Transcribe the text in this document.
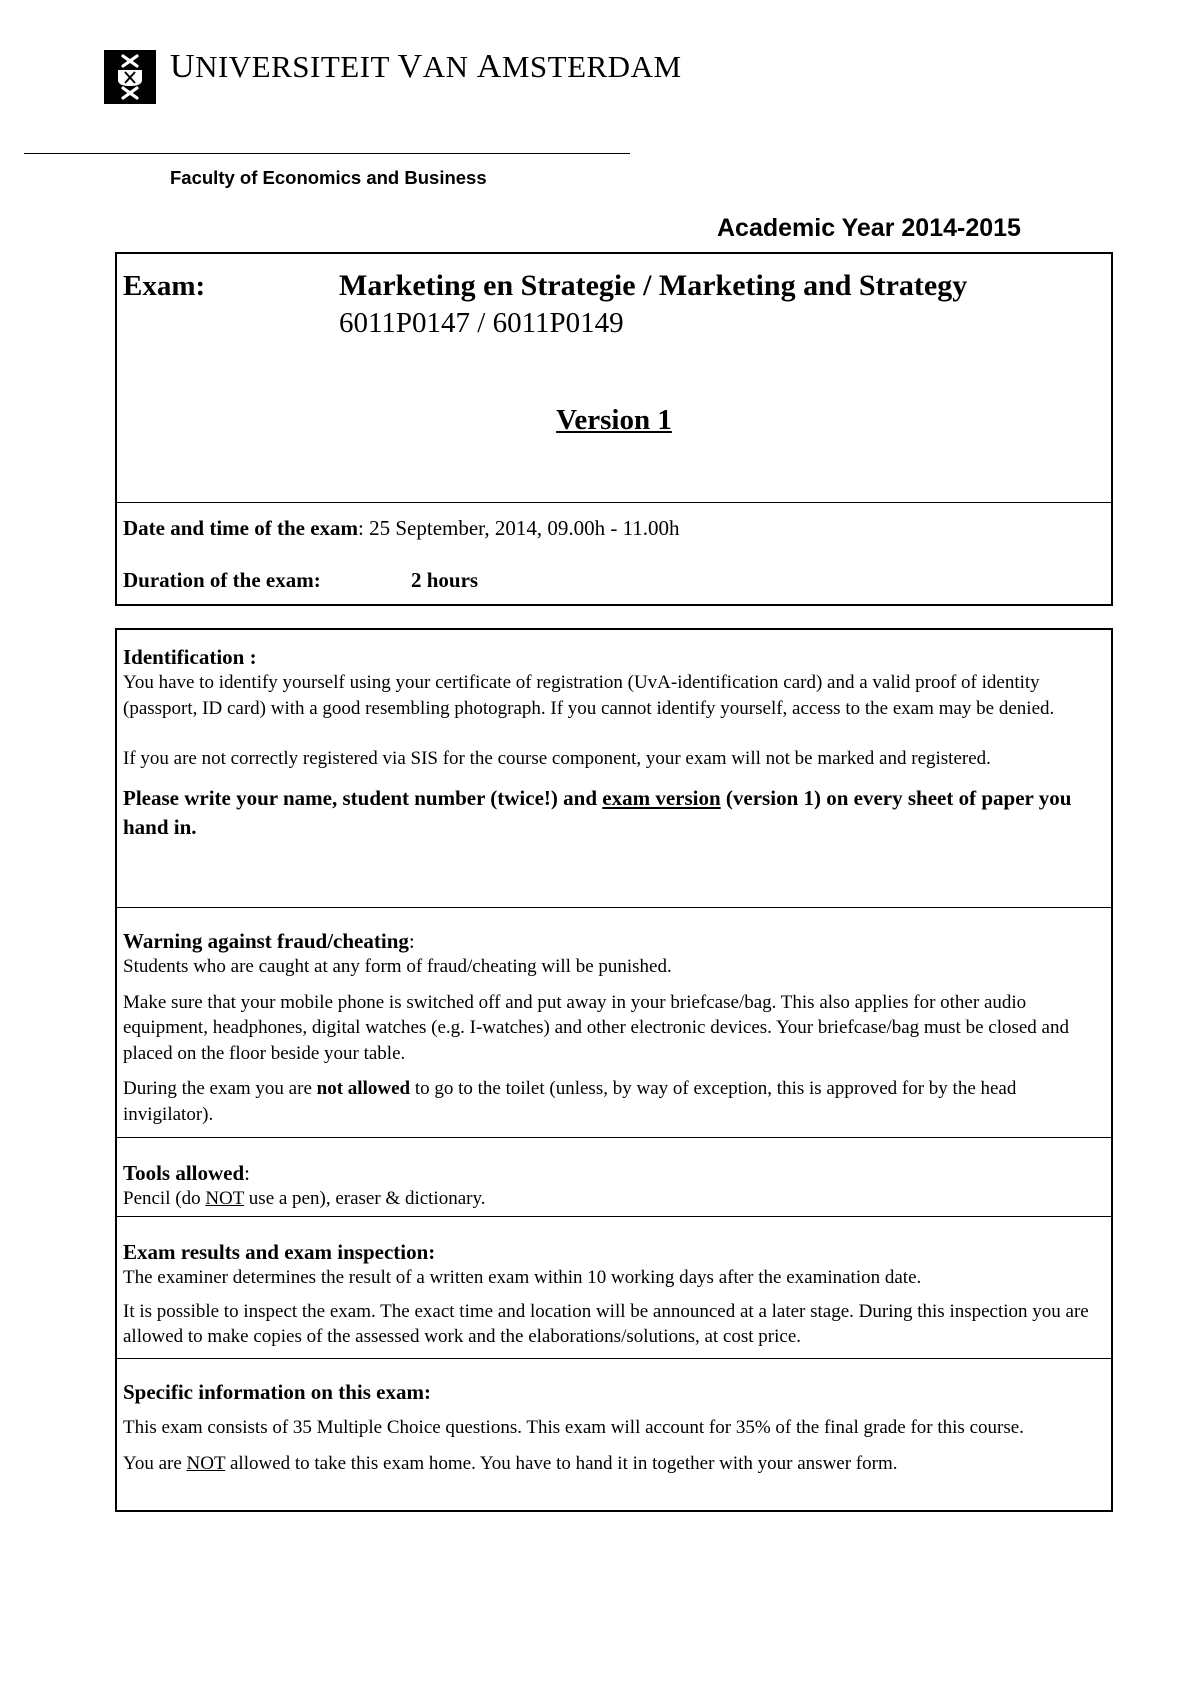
UNIVERSITEIT VAN AMSTERDAM
Faculty of Economics and Business
Academic Year 2014-2015
Exam:	Marketing en Strategie / Marketing and Strategy
6011P0147 / 6011P0149
Version 1
Date and time of the exam: 25 September, 2014, 09.00h - 11.00h
Duration of the exam:	2 hours
Identification :

You have to identify yourself using your certificate of registration (UvA-identification card) and a valid proof of identity (passport, ID card) with a good resembling photograph. If you cannot identify yourself, access to the exam may be denied.

If you are not correctly registered via SIS for the course component, your exam will not be marked and registered.

Please write your name, student number (twice!) and exam version (version 1) on every sheet of paper you hand in.
Warning against fraud/cheating:

Students who are caught at any form of fraud/cheating will be punished.

Make sure that your mobile phone is switched off and put away in your briefcase/bag. This also applies for other audio equipment, headphones, digital watches (e.g. I-watches) and other electronic devices. Your briefcase/bag must be closed and placed on the floor beside your table.

During the exam you are not allowed to go to the toilet (unless, by way of exception, this is approved for by the head invigilator).

Tools allowed:

Pencil (do NOT use a pen), eraser & dictionary.

Exam results and exam inspection:

The examiner determines the result of a written exam within 10 working days after the examination date.

It is possible to inspect the exam. The exact time and location will be announced at a later stage. During this inspection you are allowed to make copies of the assessed work and the elaborations/solutions, at cost price.

Specific information on this exam:

This exam consists of 35 Multiple Choice questions. This exam will account for 35% of the final grade for this course.

You are NOT allowed to take this exam home. You have to hand it in together with your answer form.
